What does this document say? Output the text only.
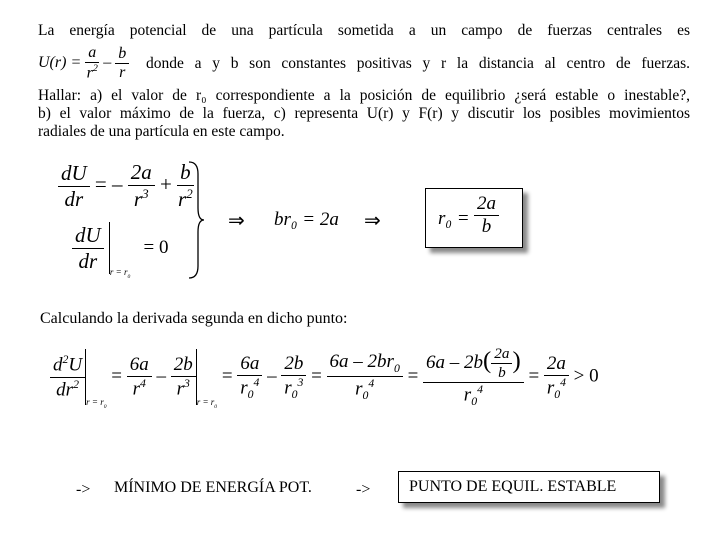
La energía potencial de una partícula sometida a un campo de fuerzas centrales es
$U(r) = \frac{a}{r^2} - \frac{b}{r}$ donde a y b son constantes positivas y r la distancia al centro de fuerzas.
Hallar: a) el valor de r₀ correspondiente a la posición de equilibrio ¿será estable o inestable?,
b) el valor máximo de la fuerza, c) representa U(r) y F(r) y discutir los posibles movimientos
radiales de una partícula en este campo.
$\frac{dU}{dr}$ = – $\frac{2a}{r^3} + \frac{b}{r^2}$
$\frac{dU}{dr} _{r = r_0} = 0$
⇒ br₀ = 2a ⇒	$r_0 = \frac{2a}{b}$
Calculando la derivada segunda en dicho punto:
$\frac{d^2U}{dr^2}$
$_{r = r_0} = \frac{6a}{r^4} - \frac{2b}{r^3}$
$_{r = r_0} = \frac{6a}{r_0^4} - \frac{2b}{r_0^3} = \frac{6a - 2br_0}{r_0^4} = \frac{6a - 2b( \frac{2a}{b} )}{r_0^4} = \frac{2a}{r_0^4} > 0$
-> MÍNIMO DE ENERGÍA POT.	-> PUNTO DE EQUIL. ESTABLE
